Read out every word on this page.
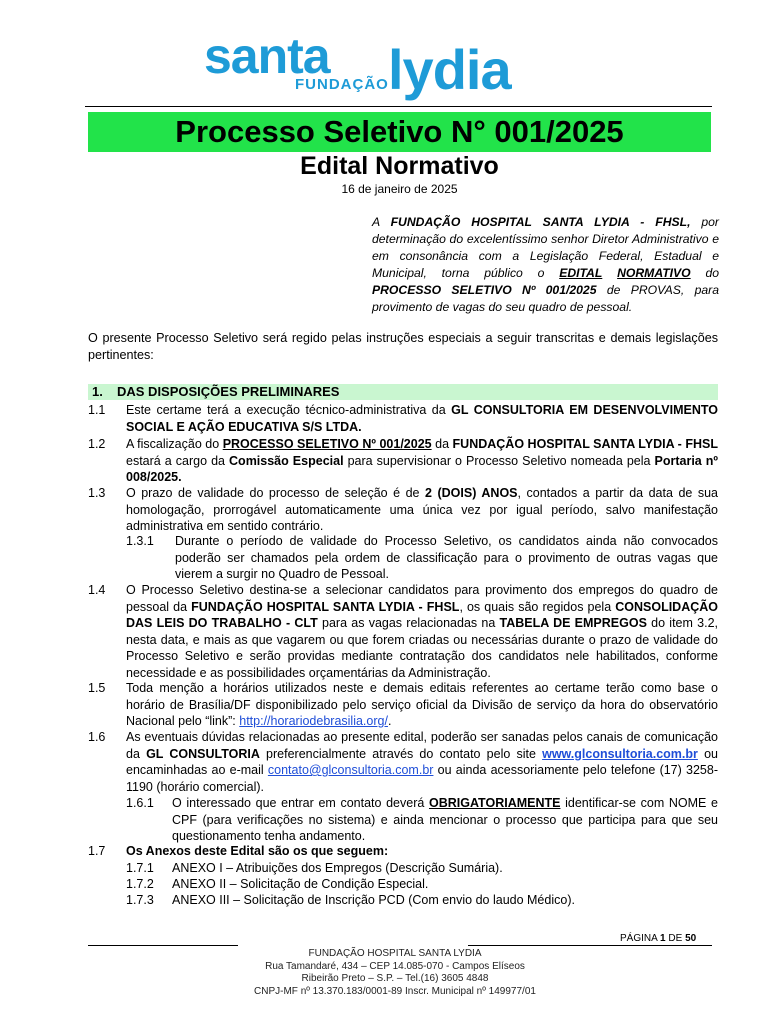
santa
FUNDAÇÃO lydia
Processo Seletivo N° 001/2025
Edital Normativo
16 de janeiro de 2025
A FUNDAÇÃO HOSPITAL SANTA LYDIA - FHSL, por determinação do excelentíssimo senhor Diretor Administrativo e em consonância com a Legislação Federal, Estadual e Municipal, torna público o EDITAL NORMATIVO do PROCESSO SELETIVO Nº 001/2025 de PROVAS, para provimento de vagas do seu quadro de pessoal.
O presente Processo Seletivo será regido pelas instruções especiais a seguir transcritas e demais legislações pertinentes:
1. DAS DISPOSIÇÕES PRELIMINARES
1.1 Este certame terá a execução técnico-administrativa da GL CONSULTORIA EM DESENVOLVIMENTO SOCIAL E AÇÃO EDUCATIVA S/S LTDA.
1.2 A fiscalização do PROCESSO SELETIVO Nº 001/2025 da FUNDAÇÃO HOSPITAL SANTA LYDIA - FHSL estará a cargo da Comissão Especial para supervisionar o Processo Seletivo nomeada pela Portaria nº 008/2025.
1.3 O prazo de validade do processo de seleção é de 2 (DOIS) ANOS, contados a partir da data de sua homologação, prorrogável automaticamente uma única vez por igual período, salvo manifestação administrativa em sentido contrário.
1.3.1 Durante o período de validade do Processo Seletivo, os candidatos ainda não convocados poderão ser chamados pela ordem de classificação para o provimento de outras vagas que vierem a surgir no Quadro de Pessoal.
1.4 O Processo Seletivo destina-se a selecionar candidatos para provimento dos empregos do quadro de pessoal da FUNDAÇÃO HOSPITAL SANTA LYDIA - FHSL, os quais são regidos pela CONSOLIDAÇÃO DAS LEIS DO TRABALHO - CLT para as vagas relacionadas na TABELA DE EMPREGOS do item 3.2, nesta data, e mais as que vagarem ou que forem criadas ou necessárias durante o prazo de validade do Processo Seletivo e serão providas mediante contratação dos candidatos nele habilitados, conforme necessidade e as possibilidades orçamentárias da Administração.
1.5 Toda menção a horários utilizados neste e demais editais referentes ao certame terão como base o horário de Brasília/DF disponibilizado pelo serviço oficial da Divisão de serviço da hora do observatório Nacional pelo “link”: http://horariodebrasilia.org/.
1.6 As eventuais dúvidas relacionadas ao presente edital, poderão ser sanadas pelos canais de comunicação da GL CONSULTORIA preferencialmente através do contato pelo site www.glconsultoria.com.br ou encaminhadas ao e-mail contato@glconsultoria.com.br ou ainda acessoriamente pelo telefone (17) 3258-1190 (horário comercial).
1.6.1 O interessado que entrar em contato deverá OBRIGATORIAMENTE identificar-se com NOME e CPF (para verificações no sistema) e ainda mencionar o processo que participa para que seu questionamento tenha andamento.
1.7 Os Anexos deste Edital são os que seguem:
1.7.1 ANEXO I – Atribuições dos Empregos (Descrição Sumária).
1.7.2 ANEXO II – Solicitação de Condição Especial.
1.7.3 ANEXO III – Solicitação de Inscrição PCD (Com envio do laudo Médico).
PÁGINA 1 DE 50
FUNDAÇÃO HOSPITAL SANTA LYDIA
Rua Tamandaré, 434 – CEP 14.085-070 - Campos Elíseos
Ribeirão Preto – S.P. – Tel.(16) 3605 4848
CNPJ-MF nº 13.370.183/0001-89 Inscr. Municipal nº 149977/01
